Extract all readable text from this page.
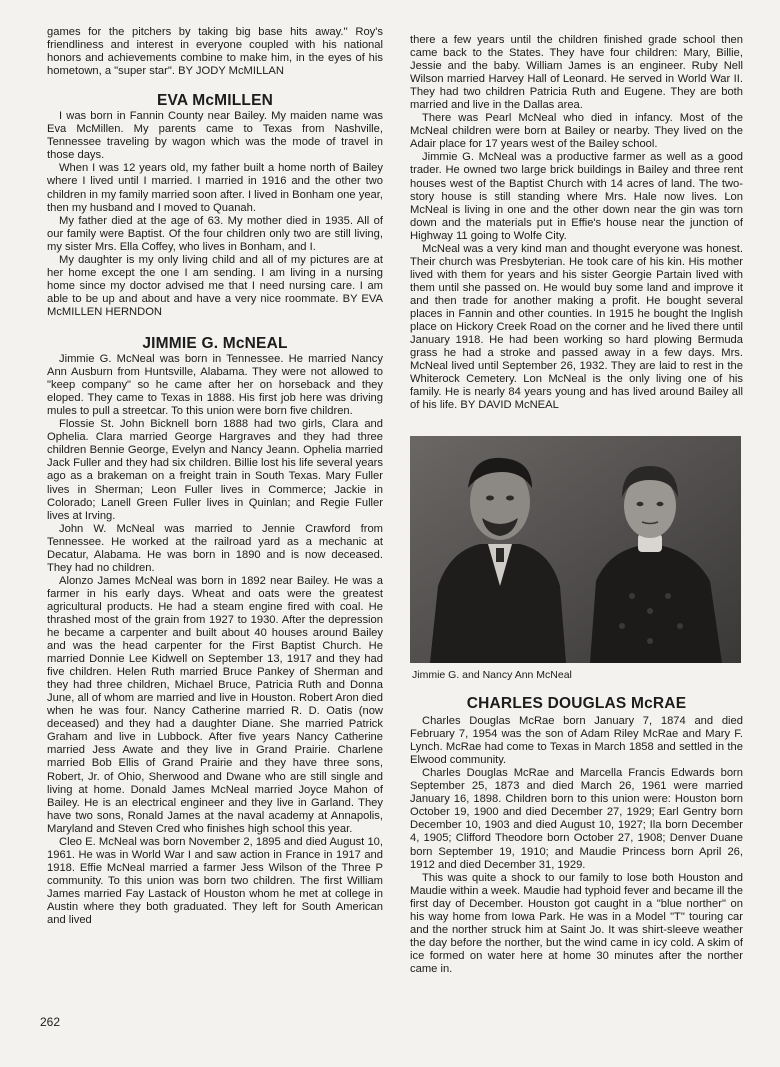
games for the pitchers by taking big base hits away.'' Roy's friendliness and interest in everyone coupled with his national honors and achievements combine to make him, in the eyes of his hometown, a "super star". BY JODY McMILLAN

EVA McMILLEN

I was born in Fannin County near Bailey. My maiden name was Eva McMillen. My parents came to Texas from Nashville, Tennessee traveling by wagon which was the mode of travel in those days.

When I was 12 years old, my father built a home north of Bailey where I lived until I married. I married in 1916 and the other two children in my family married soon after. I lived in Bonham one year, then my husband and I moved to Quanah.

My father died at the age of 63. My mother died in 1935. All of our family were Baptist. Of the four children only two are still living, my sister Mrs. Ella Coffey, who lives in Bonham, and I.

My daughter is my only living child and all of my pictures are at her home except the one I am sending. I am living in a nursing home since my doctor advised me that I need nursing care. I am able to be up and about and have a very nice roommate. BY EVA McMILLEN HERNDON

JIMMIE G. McNEAL

Jimmie G. McNeal was born in Tennessee. He married Nancy Ann Ausburn from Huntsville, Alabama. They were not allowed to "keep company" so he came after her on horseback and they eloped. They came to Texas in 1888. His first job here was driving mules to pull a streetcar. To this union were born five children.

Flossie St. John Bicknell born 1888 had two girls, Clara and Ophelia. Clara married George Hargraves and they had three children Bennie George, Evelyn and Nancy Jeann. Ophelia married Jack Fuller and they had six children. Billie lost his life several years ago as a brakeman on a freight train in South Texas. Mary Fuller lives in Sherman; Leon Fuller lives in Commerce; Jackie in Colorado; Lanell Green Fuller lives in Quinlan; and Regie Fuller lives at Irving.

John W. McNeal was married to Jennie Crawford from Tennessee. He worked at the railroad yard as a mechanic at Decatur, Alabama. He was born in 1890 and is now deceased. They had no children.

Alonzo James McNeal was born in 1892 near Bailey. He was a farmer in his early days. Wheat and oats were the greatest agricultural products. He had a steam engine fired with coal. He thrashed most of the grain from 1927 to 1930. After the depression he became a carpenter and built about 40 houses around Bailey and was the head carpenter for the First Baptist Church. He married Donnie Lee Kidwell on September 13, 1917 and they had five children. Helen Ruth married Bruce Pankey of Sherman and they had three children, Michael Bruce, Patricia Ruth and Donna June, all of whom are married and live in Houston. Robert Aron died when he was four. Nancy Catherine married R. D. Oatis (now deceased) and they had a daughter Diane. She married Patrick Graham and live in Lubbock. After five years Nancy Catherine married Jess Awate and they live in Grand Prairie. Charlene married Bob Ellis of Grand Prairie and they have three sons, Robert, Jr. of Ohio, Sherwood and Dwane who are still single and living at home. Donald James McNeal married Joyce Mahon of Bailey. He is an electrical engineer and they live in Garland. They have two sons, Ronald James at the naval academy at Annapolis, Maryland and Steven Cred who finishes high school this year.

Cleo E. McNeal was born November 2, 1895 and died August 10, 1961. He was in World War I and saw action in France in 1917 and 1918. Effie McNeal married a farmer Jess Wilson of the Three P community. To this union was born two children. The first William James married Fay Lastack of Houston whom he met at college in Austin where they both graduated. They left for South American and lived

there a few years until the children finished grade school then came back to the States. They have four children: Mary, Billie, Jessie and the baby. William James is an engineer. Ruby Nell Wilson married Harvey Hall of Leonard. He served in World War II. They had two children Patricia Ruth and Eugene. They are both married and live in the Dallas area.

There was Pearl McNeal who died in infancy. Most of the McNeal children were born at Bailey or nearby. They lived on the Adair place for 17 years west of the Bailey school.

Jimmie G. McNeal was a productive farmer as well as a good trader. He owned two large brick buildings in Bailey and three rent houses west of the Baptist Church with 14 acres of land. The two-story house is still standing where Mrs. Hale now lives. Lon McNeal is living in one and the other down near the gin was torn down and the materials put in Effie's house near the junction of Highway 11 going to Wolfe City.

McNeal was a very kind man and thought everyone was honest. Their church was Presbyterian. He took care of his kin. His mother lived with them for years and his sister Georgie Partain lived with them until she passed on. He would buy some land and improve it and then trade for another making a profit. He bought several places in Fannin and other counties. In 1915 he bought the Inglish place on Hickory Creek Road on the corner and he lived there until January 1918. He had been working so hard plowing Bermuda grass he had a stroke and passed away in a few days. Mrs. McNeal lived until September 26, 1932. They are laid to rest in the Whiterock Cemetery. Lon McNeal is the only living one of his family. He is nearly 84 years young and has lived around Bailey all of his life. BY DAVID McNEAL

Jimmie G. and Nancy Ann McNeal
CHARLES DOUGLAS McRAE

Charles Douglas McRae born January 7, 1874 and died February 7, 1954 was the son of Adam Riley McRae and Mary F. Lynch. McRae had come to Texas in March 1858 and settled in the Elwood community.

Charles Douglas McRae and Marcella Francis Edwards born September 25, 1873 and died March 26, 1961 were married January 16, 1898. Children born to this union were: Houston born October 19, 1900 and died December 27, 1929; Earl Gentry born December 10, 1903 and died August 10, 1927; Ila born December 4, 1905; Clifford Theodore born October 27, 1908; Denver Duane born September 19, 1910; and Maudie Princess born April 26, 1912 and died December 31, 1929.

This was quite a shock to our family to lose both Houston and Maudie within a week. Maudie had typhoid fever and became ill the first day of December. Houston got caught in a "blue norther" on his way home from Iowa Park. He was in a Model "T" touring car and the norther struck him at Saint Jo. It was shirt-sleeve weather the day before the norther, but the wind came in icy cold. A skim of ice formed on water here at home 30 minutes after the norther came in.

262
